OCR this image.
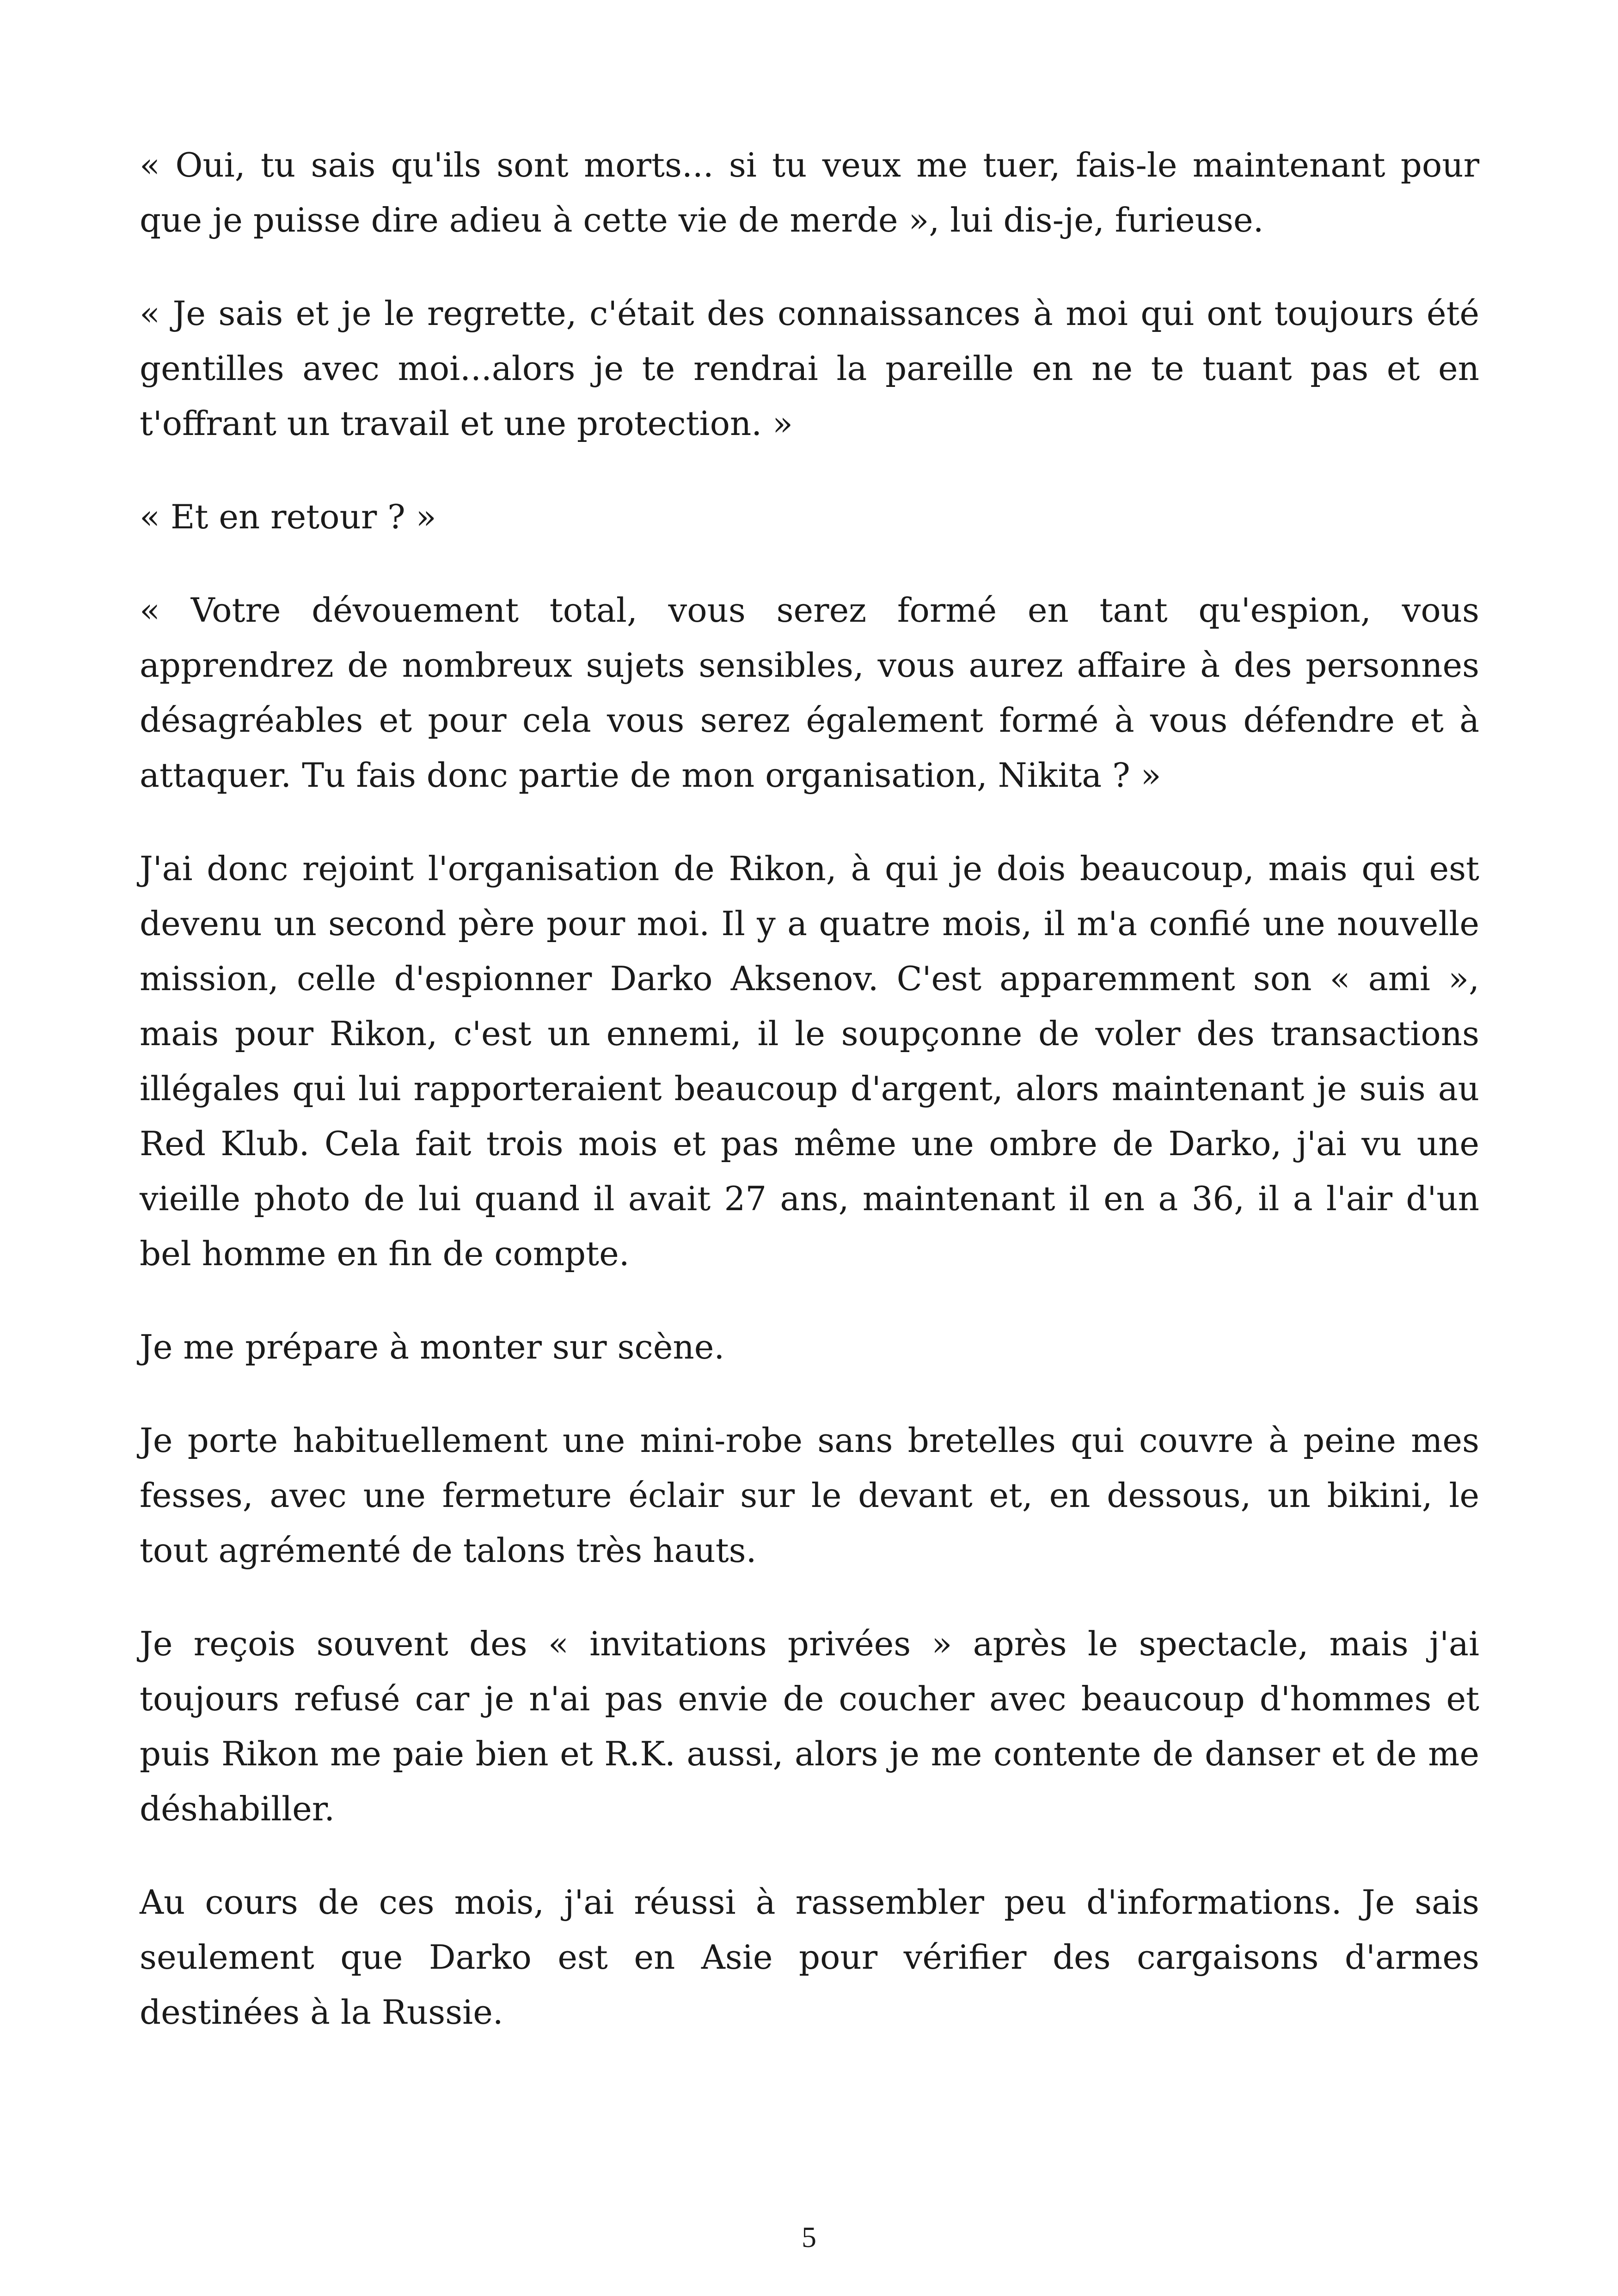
« Oui, tu sais qu'ils sont morts... si tu veux me tuer, fais-le maintenant pour que je puisse dire adieu à cette vie de merde », lui dis-je, furieuse.

« Je sais et je le regrette, c'était des connaissances à moi qui ont toujours été gentilles avec moi...alors je te rendrai la pareille en ne te tuant pas et en t'offrant un travail et une protection. »

« Et en retour ? »

« Votre dévouement total, vous serez formé en tant qu'espion, vous apprendrez de nombreux sujets sensibles, vous aurez affaire à des personnes désagréables et pour cela vous serez également formé à vous défendre et à attaquer. Tu fais donc partie de mon organisation, Nikita ? »

J'ai donc rejoint l'organisation de Rikon, à qui je dois beaucoup, mais qui est devenu un second père pour moi. Il y a quatre mois, il m'a confié une nouvelle mission, celle d'espionner Darko Aksenov. C'est apparemment son « ami », mais pour Rikon, c'est un ennemi, il le soupçonne de voler des transactions illégales qui lui rapporteraient beaucoup d'argent, alors maintenant je suis au Red Klub. Cela fait trois mois et pas même une ombre de Darko, j'ai vu une vieille photo de lui quand il avait 27 ans, maintenant il en a 36, il a l'air d'un bel homme en fin de compte.

Je me prépare à monter sur scène.

Je porte habituellement une mini-robe sans bretelles qui couvre à peine mes fesses, avec une fermeture éclair sur le devant et, en dessous, un bikini, le tout agrémenté de talons très hauts.

Je reçois souvent des « invitations privées » après le spectacle, mais j'ai toujours refusé car je n'ai pas envie de coucher avec beaucoup d'hommes et puis Rikon me paie bien et R.K. aussi, alors je me contente de danser et de me déshabiller.

Au cours de ces mois, j'ai réussi à rassembler peu d'informations. Je sais seulement que Darko est en Asie pour vérifier des cargaisons d'armes destinées à la Russie.

5
